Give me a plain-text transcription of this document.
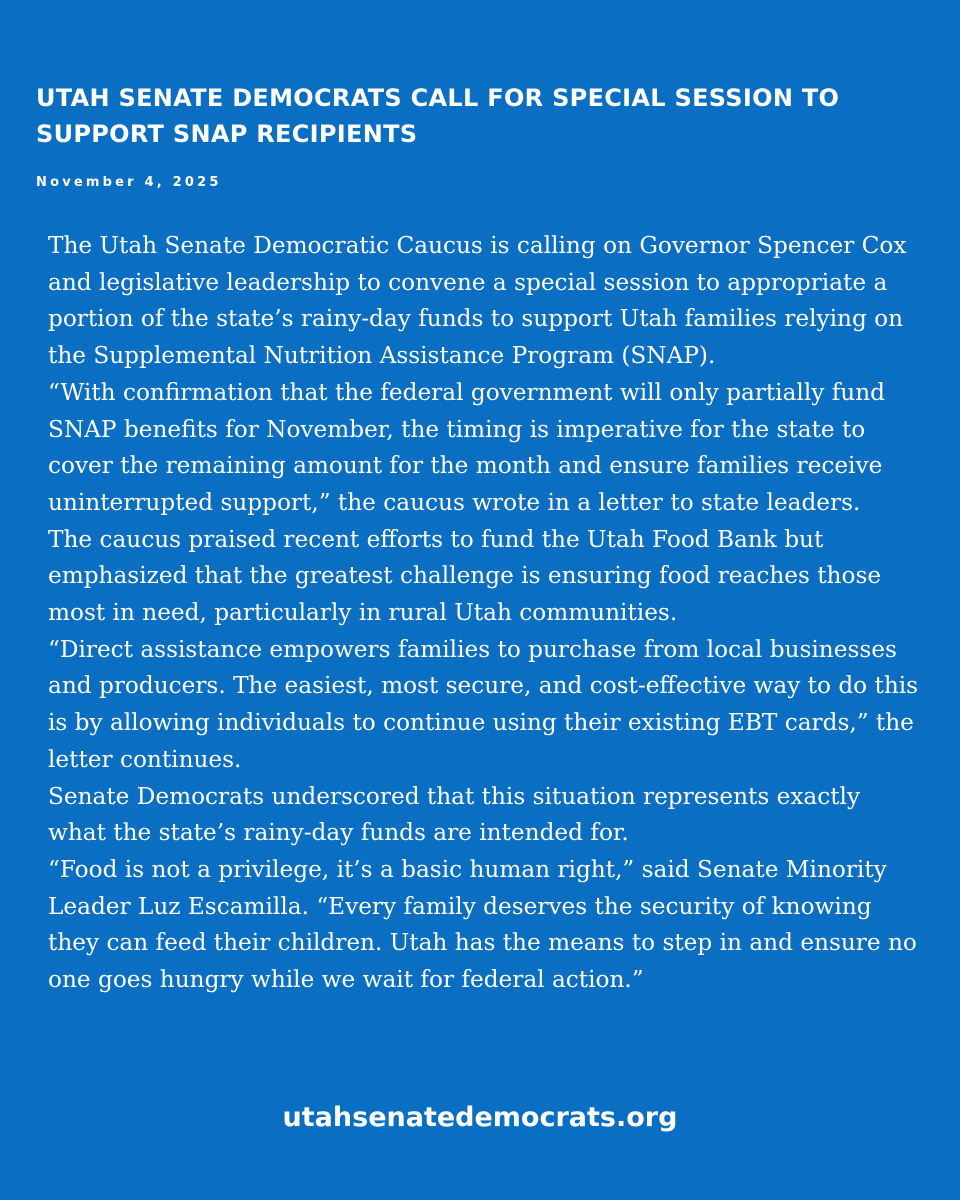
UTAH SENATE DEMOCRATS CALL FOR SPECIAL SESSION TO SUPPORT SNAP RECIPIENTS
November 4, 2025

The Utah Senate Democratic Caucus is calling on Governor Spencer Cox and legislative leadership to convene a special session to appropriate a portion of the state’s rainy-day funds to support Utah families relying on the Supplemental Nutrition Assistance Program (SNAP).

“With confirmation that the federal government will only partially fund SNAP benefits for November, the timing is imperative for the state to cover the remaining amount for the month and ensure families receive uninterrupted support,” the caucus wrote in a letter to state leaders.

The caucus praised recent efforts to fund the Utah Food Bank but emphasized that the greatest challenge is ensuring food reaches those most in need, particularly in rural Utah communities.

“Direct assistance empowers families to purchase from local businesses and producers. The easiest, most secure, and cost-effective way to do this is by allowing individuals to continue using their existing EBT cards,” the letter continues.

Senate Democrats underscored that this situation represents exactly what the state’s rainy-day funds are intended for.

“Food is not a privilege, it’s a basic human right,” said Senate Minority Leader Luz Escamilla. “Every family deserves the security of knowing they can feed their children. Utah has the means to step in and ensure no one goes hungry while we wait for federal action.”

utahsenatedemocrats.org
